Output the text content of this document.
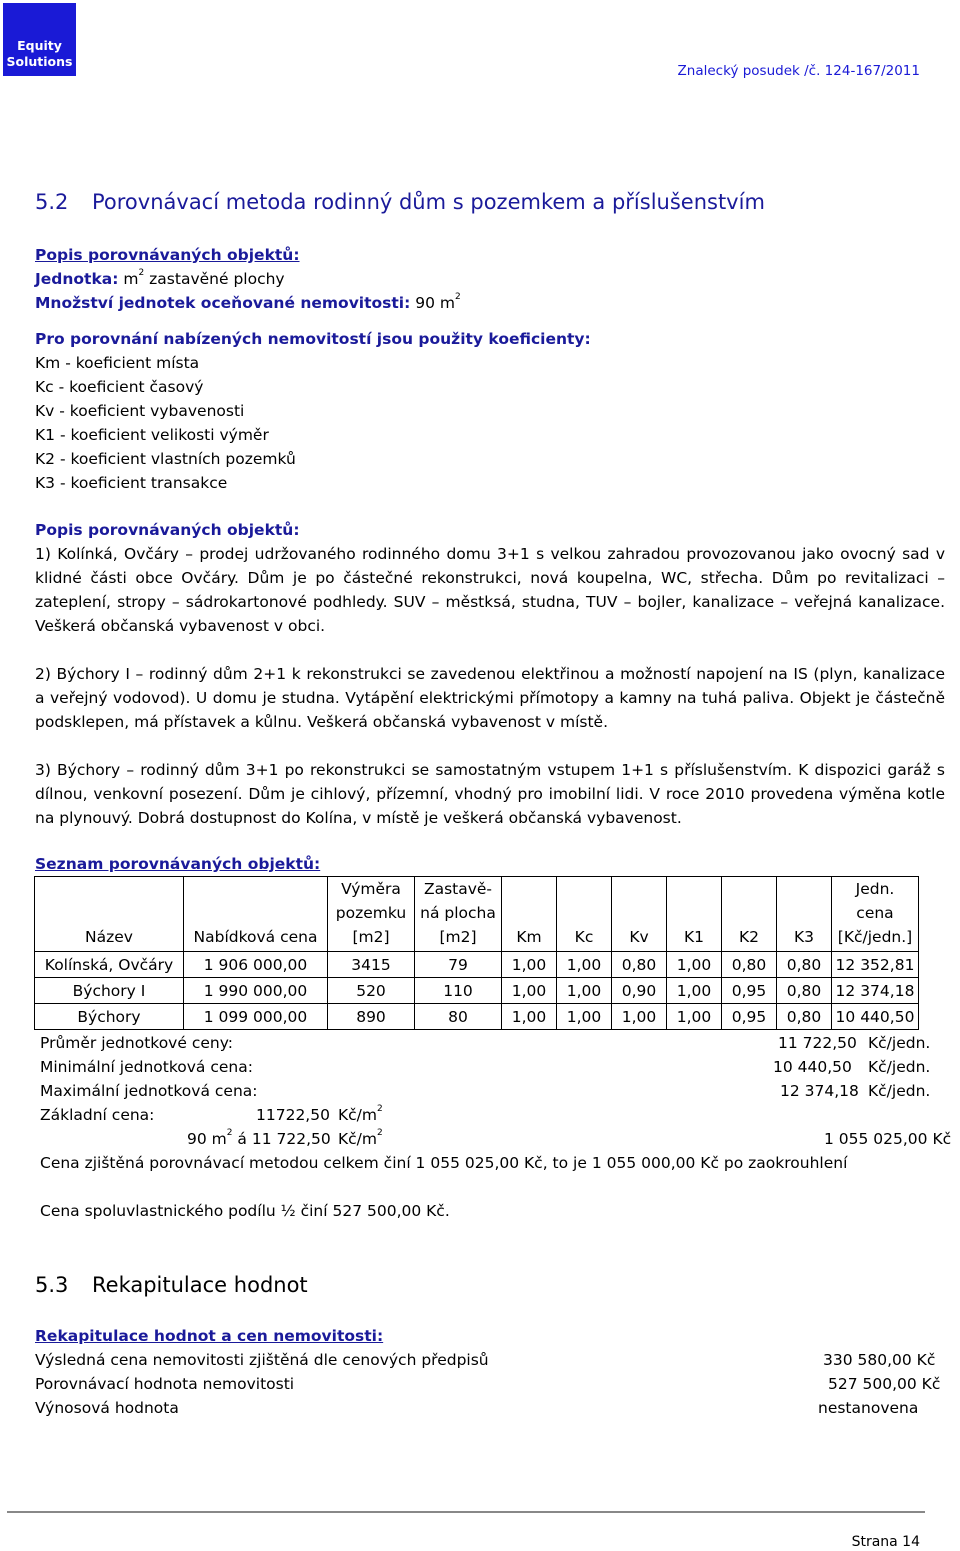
Equity
Solutions
Znalecký posudek /č. 124-167/2011
5.2 Porovnávací metoda rodinný dům s pozemkem a příslušenstvím
Popis porovnávaných objektů:
Jednotka: $m^2$ zastavěné plochy
Množství jednotek oceňované nemovitosti: 90 $m^2$
Pro porovnání nabízených nemovitostí jsou použity koeficienty:
Km - koeficient místa
Kc - koeficient časový
Kv - koeficient vybavenosti
K1 - koeficient velikosti výměr
K2 - koeficient vlastních pozemků
K3 - koeficient transakce
Popis porovnávaných objektů:
1) Kolínká, Ovčáry – prodej udržovaného rodinného domu 3+1 s velkou zahradou provozovanou jako ovocný sad v klidné části obce Ovčáry. Dům je po částečné rekonstrukci, nová koupelna, WC, střecha. Dům po revitalizaci – zateplení, stropy – sádrokartonové podhledy. SUV – městksá, studna, TUV – bojler, kanalizace – veřejná kanalizace. Veškerá občanská vybavenost v obci.
2) Býchory I – rodinný dům 2+1 k rekonstrukci se zavedenou elektřinou a možností napojení na IS (plyn, kanalizace a veřejný vodovod). U domu je studna. Vytápění elektrickými přímotopy a kamny na tuhá paliva. Objekt je částečně podsklepen, má přístavek a kůlnu. Veškerá občanská vybavenost v místě.
3) Býchory – rodinný dům 3+1 po rekonstrukci se samostatným vstupem 1+1 s příslušenstvím. K dispozici garáž s dílnou, venkovní posezení. Dům je cihlový, přízemní, vhodný pro imobilní lidi. V roce 2010 provedena výměna kotle na plynouvý. Dobrá dostupnost do Kolína, v místě je veškerá občanská vybavenost.
Seznam porovnávaných objektů:
Název	Nabídková cena	Výměra
pozemku
[m2]	Zastavě-
ná plocha
[m2]	Km	Kc	Kv	K1	K2	K3	Jedn.
cena
[Kč/jedn.]
Kolínská, Ovčáry	1 906 000,00	3415	79	1,00	1,00	0,80	1,00	0,80	0,80	12 352,81
Býchory I	1 990 000,00	520	110	1,00	1,00	0,90	1,00	0,95	0,80	12 374,18
Býchory	1 099 000,00	890	80	1,00	1,00	1,00	1,00	0,95	0,80	10 440,50
Průměr jednotkové ceny:	11 722,50 Kč/jedn.
Minimální jednotková cena:	10 440,50 Kč/jedn.
Maximální jednotková cena:	12 374,18 Kč/jedn.
Základní cena:	11722,50 $Kč/m^2$
90 $m^2$ á 11 722,50 $Kč/m^2$	1 055 025,00 Kč
Cena zjištěná porovnávací metodou celkem činí 1 055 025,00 Kč, to je 1 055 000,00 Kč po zaokrouhlení
Cena spoluvlastnického podílu ½ činí 527 500,00 Kč.
5.3 Rekapitulace hodnot
Rekapitulace hodnot a cen nemovitosti:
Výsledná cena nemovitosti zjištěná dle cenových předpisů	330 580,00 Kč
Porovnávací hodnota nemovitosti	527 500,00 Kč
Výnosová hodnota	nestanovena
Strana 14
